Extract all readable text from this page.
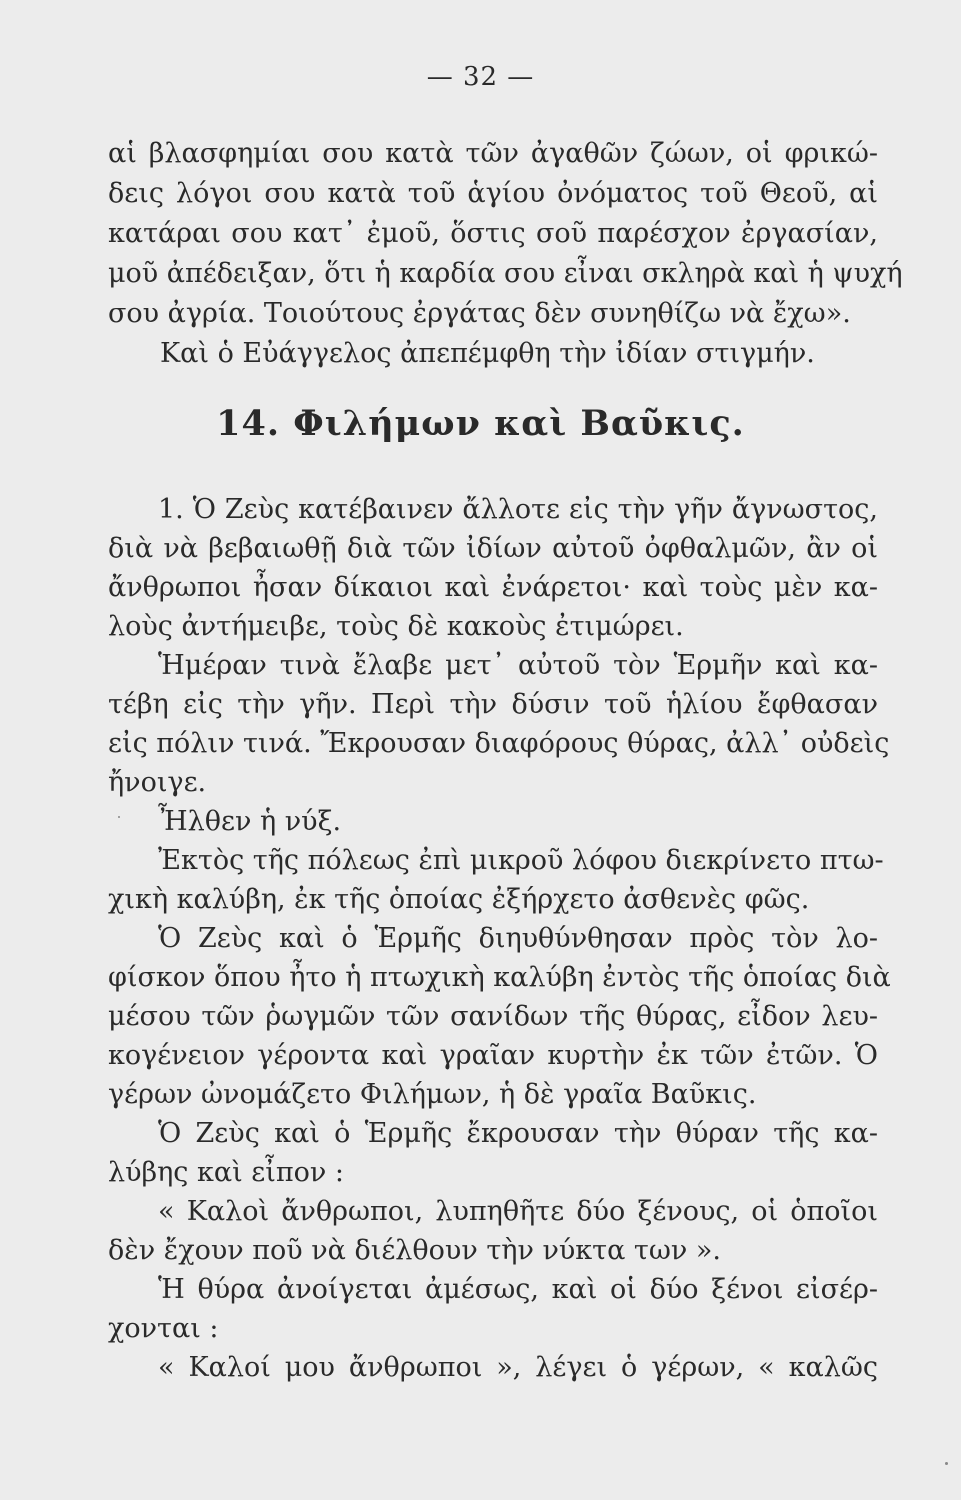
— 32 —
αἱ βλασφημίαι σου κατὰ τῶν ἀγαθῶν ζώων, οἱ φρικώ-
δεις λόγοι σου κατὰ τοῦ ἁγίου ὀνόματος τοῦ Θεοῦ, αἱ
κατάραι σου κατ᾽ ἐμοῦ, ὅστις σοῦ παρέσχον ἐργασίαν,
μοῦ ἀπέδειξαν, ὅτι ἡ καρδία σου εἶναι σκληρὰ καὶ ἡ ψυχή
σου ἀγρία. Τοιούτους ἐργάτας δὲν συνηθίζω νὰ ἔχω».
Καὶ ὁ Εὐάγγελος ἀπεπέμφθη τὴν ἰδίαν στιγμήν.
14. Φιλήμων καὶ Βαῦκις.
1. Ὁ Ζεὺς κατέβαινεν ἄλλοτε εἰς τὴν γῆν ἄγνωστος,
διὰ νὰ βεβαιωθῇ διὰ τῶν ἰδίων αὐτοῦ ὀφθαλμῶν, ἂν οἱ
ἄνθρωποι ἦσαν δίκαιοι καὶ ἐνάρετοι· καὶ τοὺς μὲν κα-
λοὺς ἀντήμειβε, τοὺς δὲ κακοὺς ἐτιμώρει.
Ἡμέραν τινὰ ἔλαβε μετ᾽ αὐτοῦ τὸν Ἑρμῆν καὶ κα-
τέβη εἰς τὴν γῆν. Περὶ τὴν δύσιν τοῦ ἡλίου ἔφθασαν
εἰς πόλιν τινά. Ἔκρουσαν διαφόρους θύρας, ἀλλ᾽ οὐδεὶς
ἤνοιγε.
Ἦλθεν ἡ νύξ.
Ἐκτὸς τῆς πόλεως ἐπὶ μικροῦ λόφου διεκρίνετο πτω-
χικὴ καλύβη, ἐκ τῆς ὁποίας ἐξήρχετο ἀσθενὲς φῶς.
Ὁ Ζεὺς καὶ ὁ Ἑρμῆς διηυθύνθησαν πρὸς τὸν λο-
φίσκον ὅπου ἦτο ἡ πτωχικὴ καλύβη ἐντὸς τῆς ὁποίας διὰ
μέσου τῶν ῥωγμῶν τῶν σανίδων τῆς θύρας, εἶδον λευ-
κογένειον γέροντα καὶ γραῖαν κυρτὴν ἐκ τῶν ἐτῶν. Ὁ
γέρων ὠνομάζετο Φιλήμων, ἡ δὲ γραῖα Βαῦκις.
Ὁ Ζεὺς καὶ ὁ Ἑρμῆς ἔκρουσαν τὴν θύραν τῆς κα-
λύβης καὶ εἶπον :
« Καλοὶ ἄνθρωποι, λυπηθῆτε δύο ξένους, οἱ ὁποῖοι
δὲν ἔχουν ποῦ νὰ διέλθουν τὴν νύκτα των ».
Ἡ θύρα ἀνοίγεται ἀμέσως, καὶ οἱ δύο ξένοι εἰσέρ-
χονται :
« Καλοί μου ἄνθρωποι », λέγει ὁ γέρων, « καλῶς
